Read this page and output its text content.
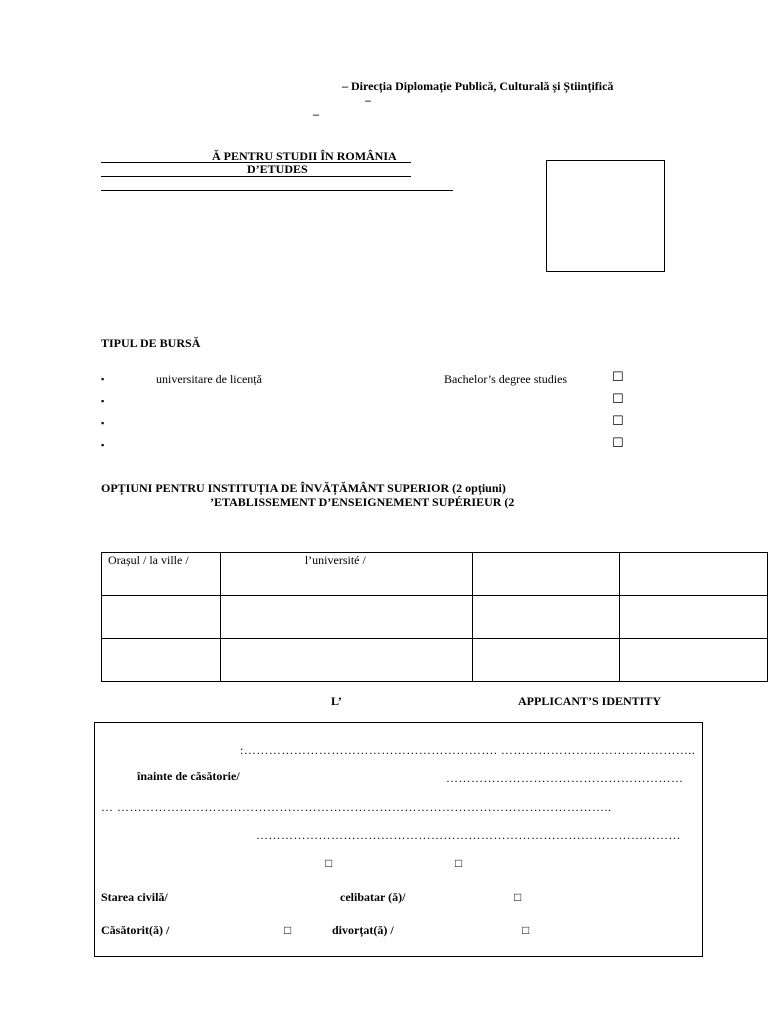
– Direcția Diplomație Publică, Culturală și Științifică
–
–
Ă PENTRU STUDII ÎN ROMÂNIA
D’ETUDES
TIPUL DE BURSĂ
▪	universitare de licență	Bachelor’s degree studies	☐
▪	☐
▪	☐
▪	☐
OPȚIUNI PENTRU INSTITUȚIA DE ÎNVĂȚĂMÂNT SUPERIOR (2 opțiuni)
’ETABLISSEMENT D’ENSEIGNEMENT SUPÉRIEUR (2
Orașul / la ville /	l’université /		

L’	APPLICANT’S IDENTITY
:……………………………………………………. ………………………………………..
înainte de căsătorie/	…………………………………………………
… ………………………………………………………………………………………………………..
…………………………………………………………………………………………
□	□
Starea civilă/	celibatar (ă)/	□
Căsătorit(ă) /	□	divorțat(ă) /	□
